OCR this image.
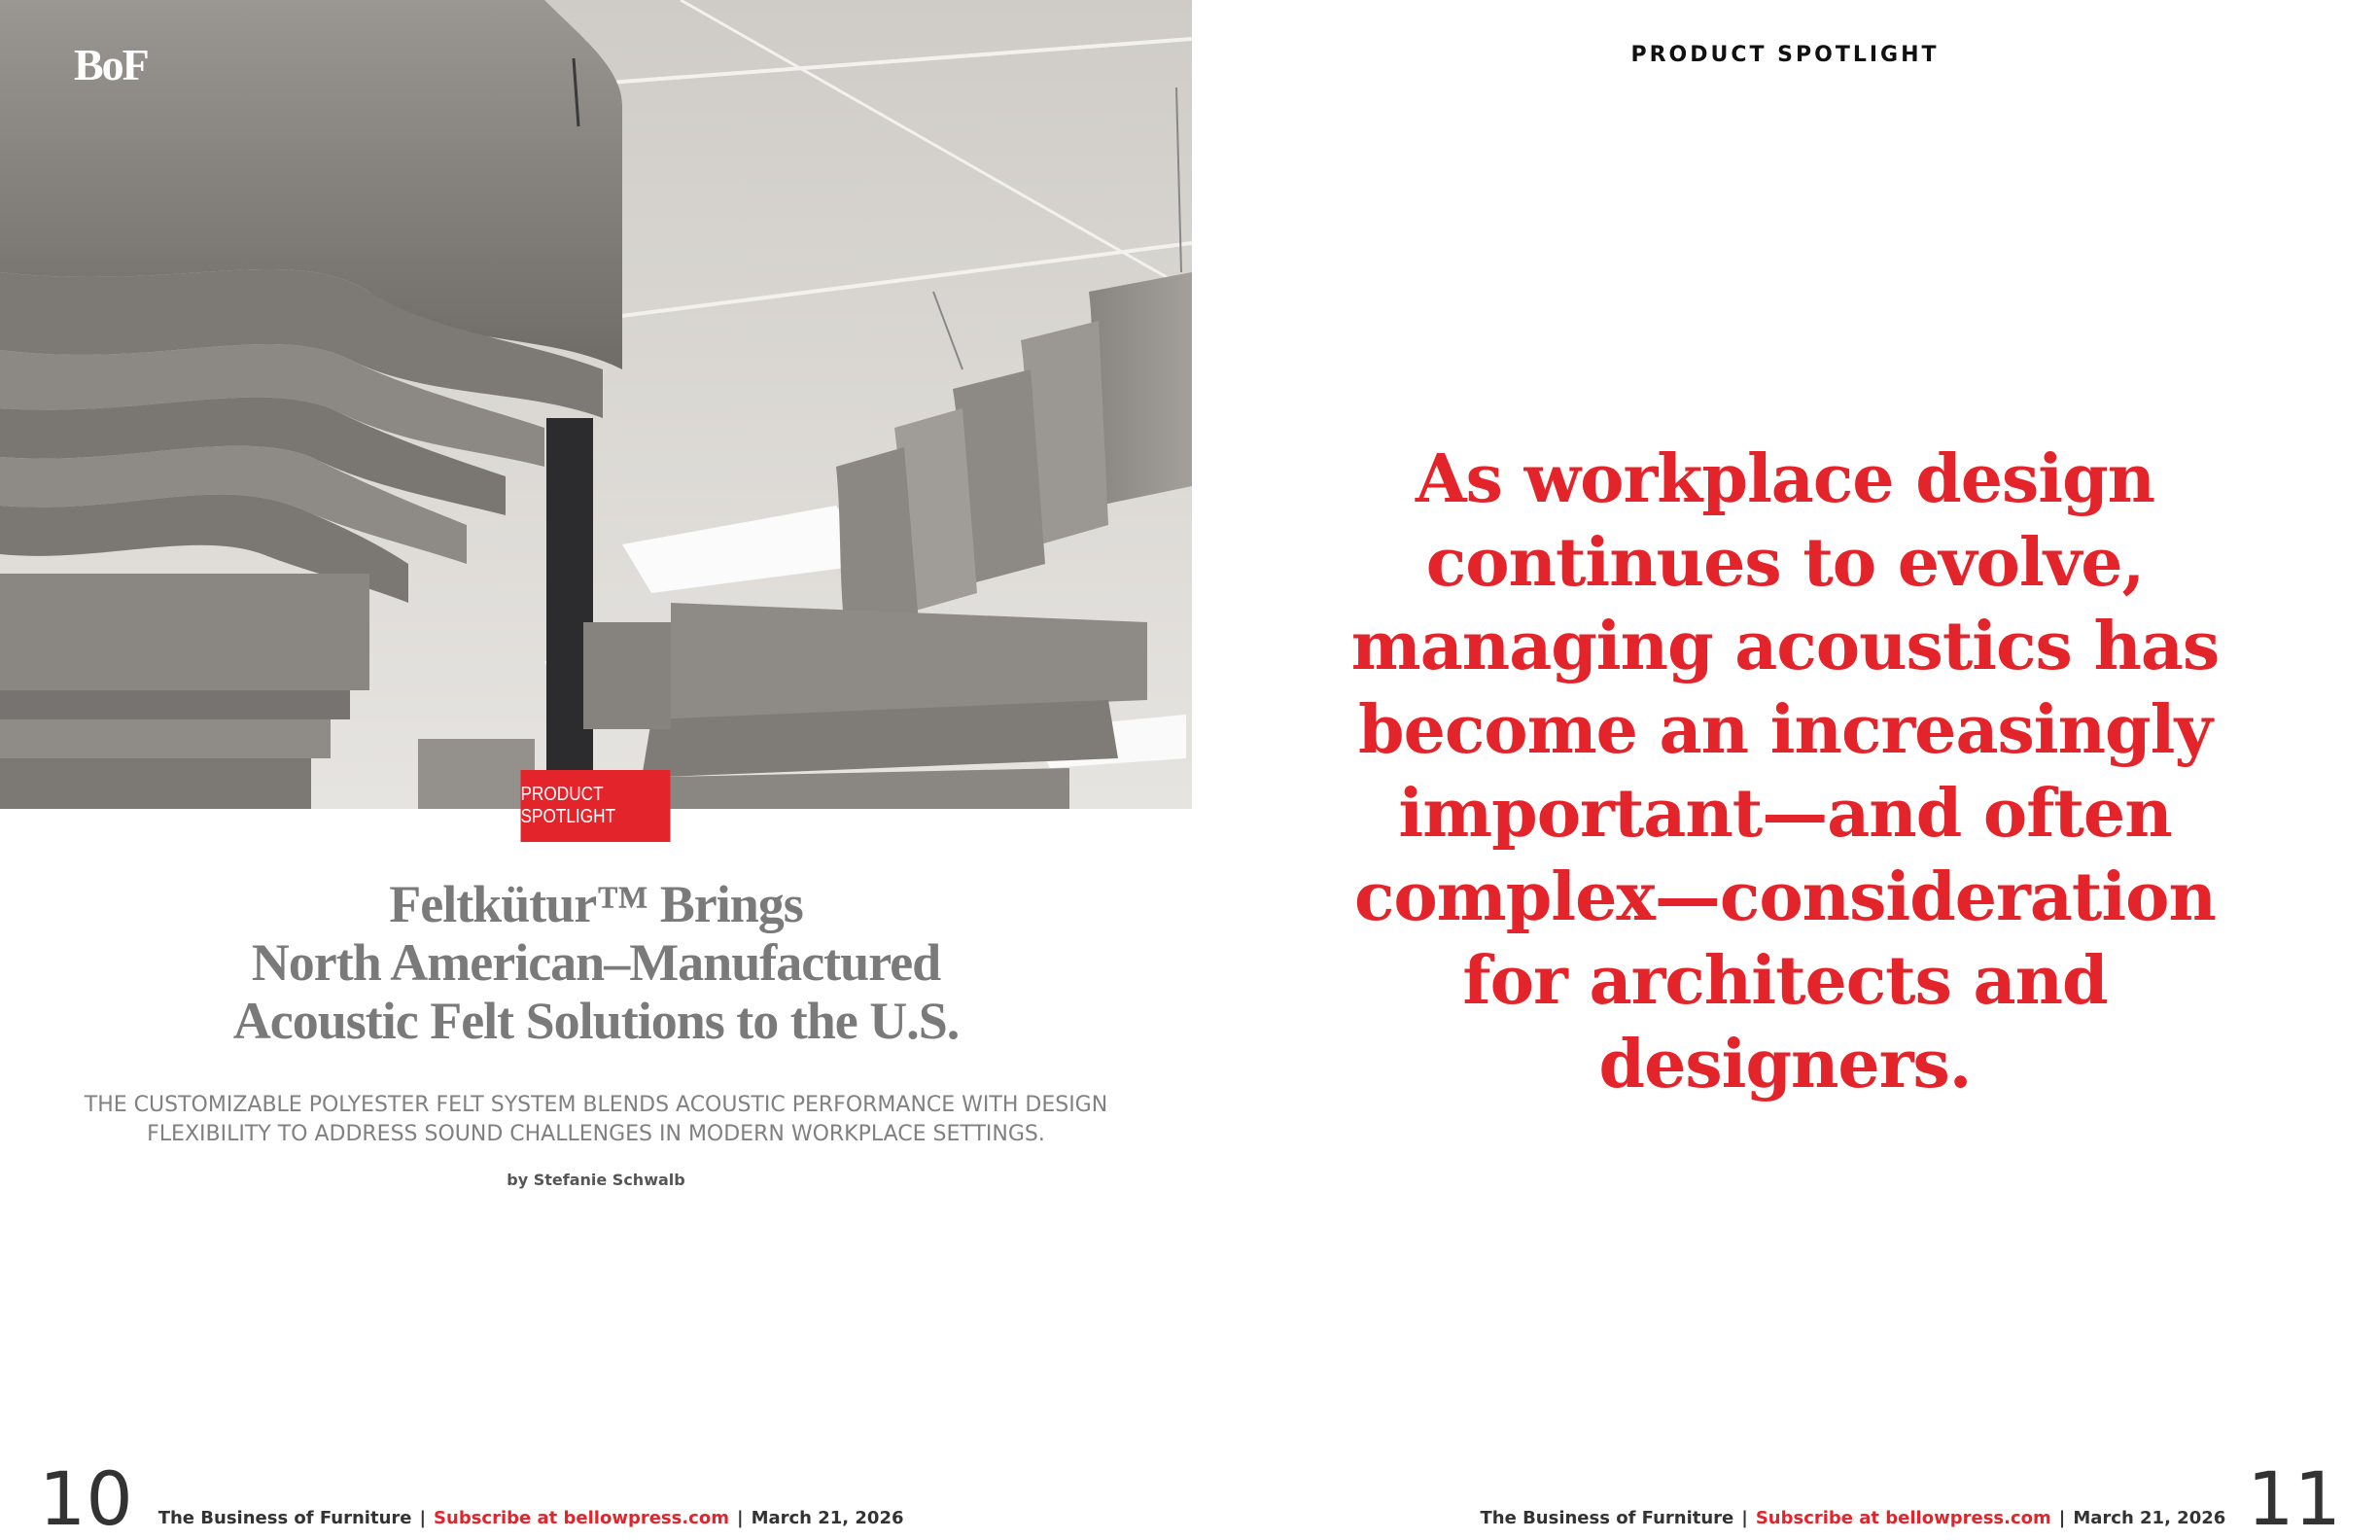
BoF
PRODUCT SPOTLIGHT
Feltkütur™ Brings
North American–Manufactured
Acoustic Felt Solutions to the U.S.

THE CUSTOMIZABLE POLYESTER FELT SYSTEM BLENDS ACOUSTIC PERFORMANCE WITH DESIGN
FLEXIBILITY TO ADDRESS SOUND CHALLENGES IN MODERN WORKPLACE SETTINGS.

by Stefanie Schwalb
10 The Business of Furniture | Subscribe at bellowpress.com | March 21, 2026
PRODUCT SPOTLIGHT
As workplace design
continues to evolve,
managing acoustics has
become an increasingly
important—and often
complex—consideration
for architects and
designers.
The Business of Furniture | Subscribe at bellowpress.com | March 21, 2026 11
